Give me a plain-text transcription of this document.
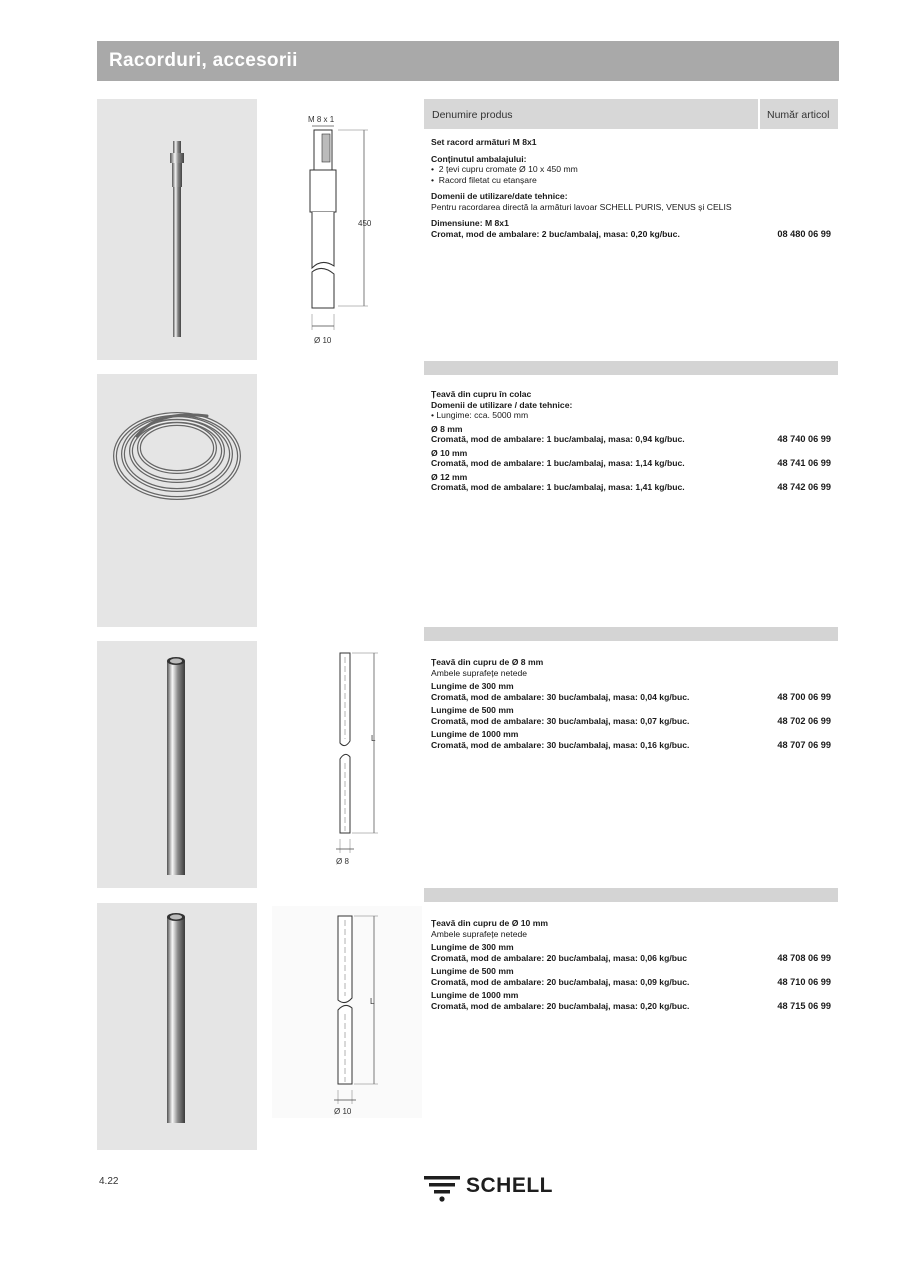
Racorduri, accesorii
M 8 x 1
450
Ø 10
Denumire produs	Număr articol
Set racord armături M 8x1
Conținutul ambalajului:
•  2 țevi cupru cromate Ø 10 x 450 mm
•  Racord filetat cu etanșare
Domenii de utilizare/date tehnice:
Pentru racordarea directă la armături lavoar SCHELL PURIS, VENUS și CELIS
Dimensiune: M 8x1
Cromat, mod de ambalare: 2 buc/ambalaj, masa: 0,20 kg/buc.	08 480 06 99
Țeavă din cupru în colac
Domenii de utilizare / date tehnice:
• Lungime: cca. 5000 mm
Ø 8 mm
Cromată, mod de ambalare: 1 buc/ambalaj, masa: 0,94 kg/buc.	48 740 06 99
Ø 10 mm
Cromată, mod de ambalare: 1 buc/ambalaj, masa: 1,14 kg/buc.	48 741 06 99
Ø 12 mm
Cromată, mod de ambalare: 1 buc/ambalaj, masa: 1,41 kg/buc.	48 742 06 99
L
Ø 8
Țeavă din cupru de Ø 8 mm
Ambele suprafețe netede
Lungime de 300 mm
Cromată, mod de ambalare: 30 buc/ambalaj, masa: 0,04 kg/buc.	48 700 06 99
Lungime de 500 mm
Cromată, mod de ambalare: 30 buc/ambalaj, masa: 0,07 kg/buc.	48 702 06 99
Lungime de 1000 mm
Cromată, mod de ambalare: 30 buc/ambalaj, masa: 0,16 kg/buc.	48 707 06 99
L
Ø 10
Țeavă din cupru de Ø 10 mm
Ambele suprafețe netede
Lungime de 300 mm
Cromată, mod de ambalare: 20 buc/ambalaj, masa: 0,06 kg/buc	48 708 06 99
Lungime de 500 mm
Cromată, mod de ambalare: 20 buc/ambalaj, masa: 0,09 kg/buc.	48 710 06 99
Lungime de 1000 mm
Cromată, mod de ambalare: 20 buc/ambalaj, masa: 0,20 kg/buc.	48 715 06 99
4.22	SCHELL
